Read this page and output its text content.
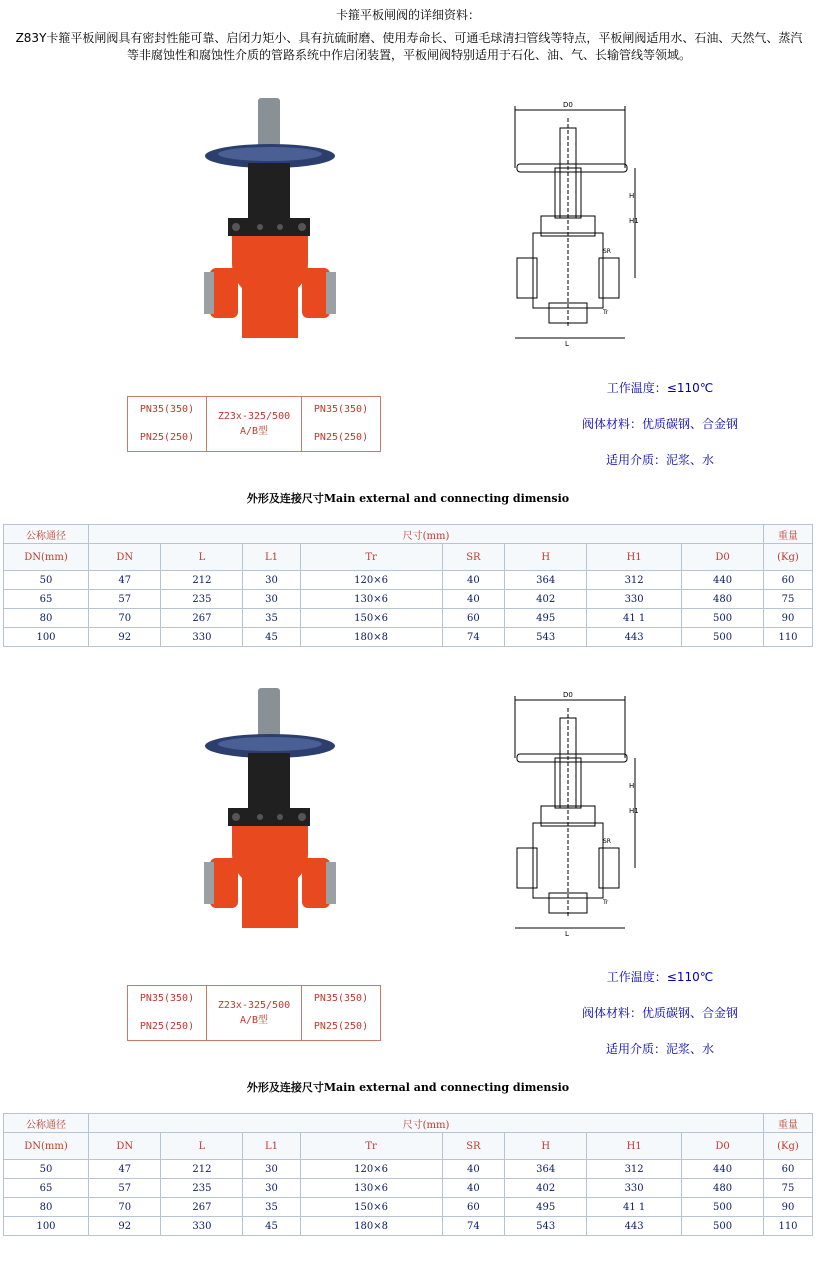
卡箍平板闸阀的详细资料：
Z83Y卡箍平板闸阀具有密封性能可靠、启闭力矩小、具有抗硫耐磨、使用寿命长、可通毛球清扫管线等特点，平板闸阀适用水、石油、天然气、蒸汽等非腐蚀性和腐蚀性介质的管路系统中作启闭装置，平板闸阀特别适用于石化、油、气、长输管线等领域。
D0
L
H
H1
SR
Tr
PN35(350)
PN25(250)
	Z23x-325/500 A/B型	
PN35(350)
PN25(250)
工作温度：≤110℃
阀体材料：优质碳钢、合金钢
适用介质：泥浆、水
外形及连接尺寸Main external and connecting dimensio
公称通径	尺寸(mm)								重量
DN(mm)	DN	L	L1	Tr	SR	H	H1	D0	(Kg)
50	47	212	30	120×6	40	364	312	440	60
65	57	235	30	130×6	40	402	330	480	75
80	70	267	35	150×6	60	495	41 1	500	90
100	92	330	45	180×8	74	543	443	500	110
D0
L
H
H1
SR
Tr
PN35(350)
PN25(250)
	Z23x-325/500 A/B型	
PN35(350)
PN25(250)
工作温度：≤110℃
阀体材料：优质碳钢、合金钢
适用介质：泥浆、水
外形及连接尺寸Main external and connecting dimensio
公称通径	尺寸(mm)								重量
DN(mm)	DN	L	L1	Tr	SR	H	H1	D0	(Kg)
50	47	212	30	120×6	40	364	312	440	60
65	57	235	30	130×6	40	402	330	480	75
80	70	267	35	150×6	60	495	41 1	500	90
100	92	330	45	180×8	74	543	443	500	110
